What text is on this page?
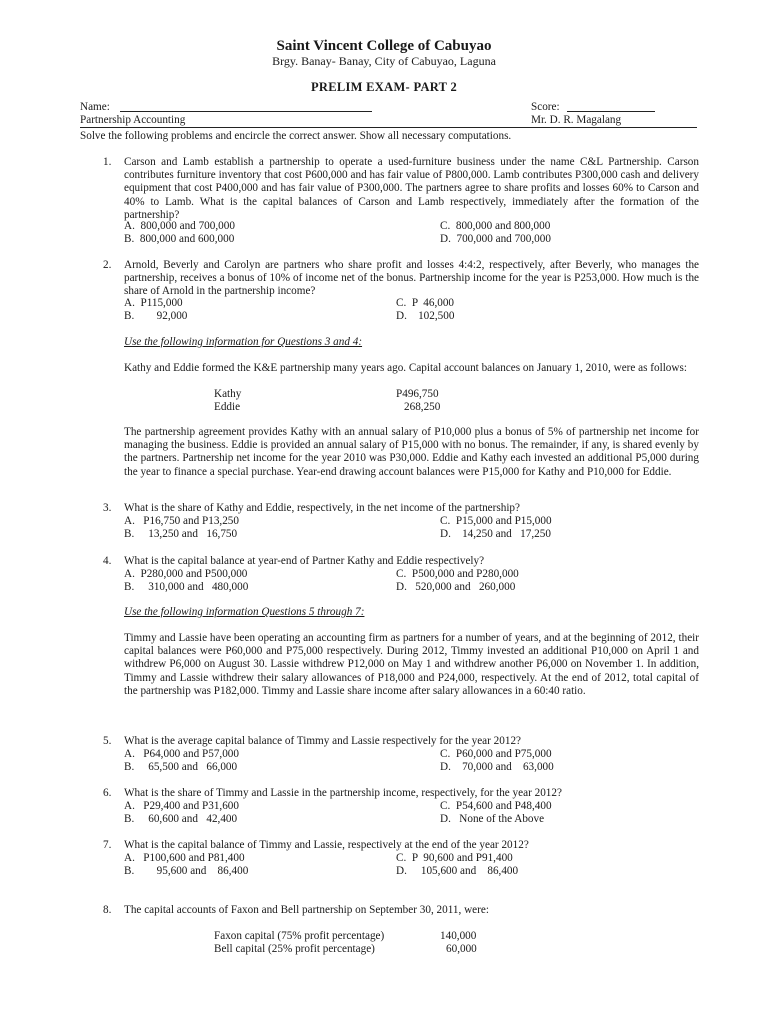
Saint Vincent College of Cabuyao
Brgy. Banay- Banay, City of Cabuyao, Laguna
PRELIM EXAM- PART 2
Name:	Score:
Partnership Accounting	Mr. D. R. Magalang
Solve the following problems and encircle the correct answer. Show all necessary computations.
1. Carson and Lamb establish a partnership to operate a used-furniture business under the name C&L Partnership. Carson contributes furniture inventory that cost P600,000 and has fair value of P800,000. Lamb contributes P300,000 cash and delivery equipment that cost P400,000 and has fair value of P300,000. The partners agree to share profits and losses 60% to Carson and 40% to Lamb. What is the capital balances of Carson and Lamb respectively, immediately after the formation of the partnership?
A.  800,000 and 700,000	C.  800,000 and 800,000
B.  800,000 and 600,000	D.  700,000 and 700,000
2. Arnold, Beverly and Carolyn are partners who share profit and losses 4:4:2, respectively, after Beverly, who manages the partnership, receives a bonus of 10% of income net of the bonus. Partnership income for the year is P253,000. How much is the share of Arnold in the partnership income?
A.  P115,000	C.  P  46,000
B.        92,000	D.    102,500
Use the following information for Questions 3 and 4:
Kathy and Eddie formed the K&E partnership many years ago. Capital account balances on January 1, 2010, were as follows:
Kathy	P496,750
Eddie	268,250
The partnership agreement provides Kathy with an annual salary of P10,000 plus a bonus of 5% of partnership net income for managing the business. Eddie is provided an annual salary of P15,000 with no bonus. The remainder, if any, is shared evenly by the partners. Partnership net income for the year 2010 was P30,000. Eddie and Kathy each invested an additional P5,000 during the year to finance a special purchase. Year-end drawing account balances were P15,000 for Kathy and P10,000 for Eddie.
3. What is the share of Kathy and Eddie, respectively, in the net income of the partnership?
A.   P16,750 and P13,250	C.  P15,000 and P15,000
B.     13,250 and   16,750	D.    14,250 and   17,250
4. What is the capital balance at year-end of Partner Kathy and Eddie respectively?
A.  P280,000 and P500,000	C.  P500,000 and P280,000
B.     310,000 and   480,000	D.   520,000 and   260,000
Use the following information Questions 5 through 7:
Timmy and Lassie have been operating an accounting firm as partners for a number of years, and at the beginning of 2012, their capital balances were P60,000 and P75,000 respectively. During 2012, Timmy invested an additional P10,000 on April 1 and withdrew P6,000 on August 30. Lassie withdrew P12,000 on May 1 and withdrew another P6,000 on November 1. In addition, Timmy and Lassie withdrew their salary allowances of P18,000 and P24,000, respectively. At the end of 2012, total capital of the partnership was P182,000. Timmy and Lassie share income after salary allowances in a 60:40 ratio.
5. What is the average capital balance of Timmy and Lassie respectively for the year 2012?
A.   P64,000 and P57,000	C.  P60,000 and P75,000
B.     65,500 and   66,000	D.    70,000 and    63,000
6. What is the share of Timmy and Lassie in the partnership income, respectively, for the year 2012?
A.   P29,400 and P31,600	C.  P54,600 and P48,400
B.     60,600 and   42,400	D.   None of the Above
7. What is the capital balance of Timmy and Lassie, respectively at the end of the year 2012?
A.   P100,600 and P81,400	C.  P  90,600 and P91,400
B.        95,600 and    86,400	D.     105,600 and    86,400
8. The capital accounts of Faxon and Bell partnership on September 30, 2011, were:
Faxon capital (75% profit percentage)	140,000
Bell capital (25% profit percentage)	60,000
